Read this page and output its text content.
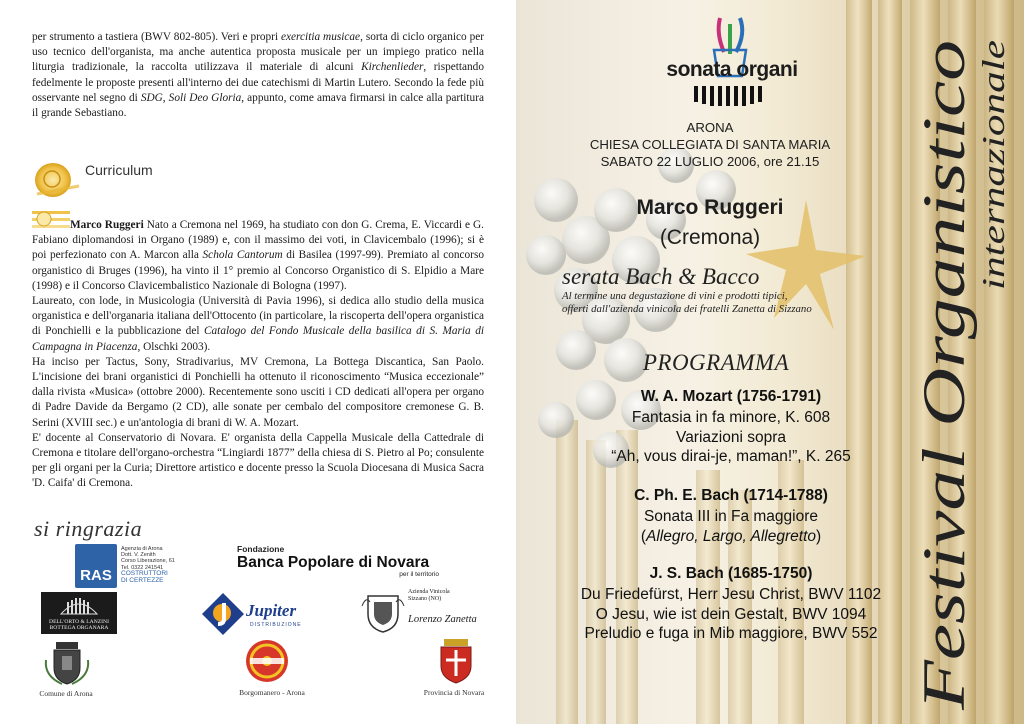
per strumento a tastiera (BWV 802-805). Veri e propri exercitia musicae, sorta di ciclo organico per uso tecnico dell'organista, ma anche autentica proposta musicale per un impiego pratico nella liturgia tradizionale, la raccolta utilizzava il materiale di alcuni Kirchenlieder, rispettando fedelmente le proposte presenti all'interno dei due catechismi di Martin Lutero. Secondo la fede più osservante nel segno di SDG, Soli Deo Gloria, appunto, come amava firmarsi in calce alla partitura il grande Sebastiano.

Curriculum

Marco Ruggeri Nato a Cremona nel 1969, ha studiato con don G. Crema, E. Viccardi e G. Fabiano diplomandosi in Organo (1989) e, con il massimo dei voti, in Clavicembalo (1996); si è poi perfezionato con A. Marcon alla Schola Cantorum di Basilea (1997-99). Premiato al concorso organistico di Bruges (1996), ha vinto il 1° premio al Concorso Organistico di S. Elpidio a Mare (1998) e il Concorso Clavicembalistico Nazionale di Bologna (1997).
Laureato, con lode, in Musicologia (Università di Pavia 1996), si dedica allo studio della musica organistica e dell'organaria italiana dell'Ottocento (in particolare, la riscoperta dell'opera organistica di Ponchielli e la pubblicazione del Catalogo del Fondo Musicale della basilica di S. Maria di Campagna in Piacenza, Olschki 2003).
Ha inciso per Tactus, Sony, Stradivarius, MV Cremona, La Bottega Discantica, San Paolo. L'incisione dei brani organistici di Ponchielli ha ottenuto il riconoscimento “Musica eccezionale” dalla rivista «Musica» (ottobre 2000). Recentemente sono usciti i CD dedicati all'opera per organo di Padre Davide da Bergamo (2 CD), alle sonate per cembalo del compositore cremonese G. B. Serini (XVIII sec.) e un'antologia di brani di W. A. Mozart.
E' docente al Conservatorio di Novara. E' organista della Cappella Musicale della Cattedrale di Cremona e titolare dell'organo-orchestra “Lingiardi 1877” della chiesa di S. Pietro al Po; consulente per gli organi per la Curia; Direttore artistico e docente presso la Scuola Diocesana di Musica Sacra 'D. Caifa' di Cremona.

si ringrazia
RAS
Agenzia di Arona
Dott. V. Zenith
Corso Liberazione, 61
Tel. 0322 241541
COSTRUTTORI
DI CERTEZZE
Fondazione
Banca Popolare di Novara
per il territorio
DELL'ORTO & LANZINI
BOTTEGA ORGANARA
Jupiter
DISTRIBUZIONE
Azienda Vinicola
Sizzano (NO)
Lorenzo Zanetta
Comune di Arona	Borgomanero - Arona	Provincia di Novara
sonata organi
ARONA
CHIESA COLLEGIATA DI SANTA MARIA
SABATO 22 LUGLIO 2006, ore 21.15
Marco Ruggeri
(Cremona)
serata Bach & Bacco
Al termine una degustazione di vini e prodotti tipici,
offerti dall'azienda vinicola dei fratelli Zanetta di Sizzano
PROGRAMMA
W. A. Mozart (1756-1791)
Fantasia in fa minore, K. 608
Variazioni sopra
“Ah, vous dirai-je, maman!”, K. 265
C. Ph. E. Bach (1714-1788)
Sonata III in Fa maggiore
(Allegro, Largo, Allegretto)
J. S. Bach (1685-1750)
Du Friedefürst, Herr Jesu Christ, BWV 1102
O Jesu, wie ist dein Gestalt, BWV 1094
Preludio e fuga in Mib maggiore, BWV 552 Festival Organistico
internazionale
